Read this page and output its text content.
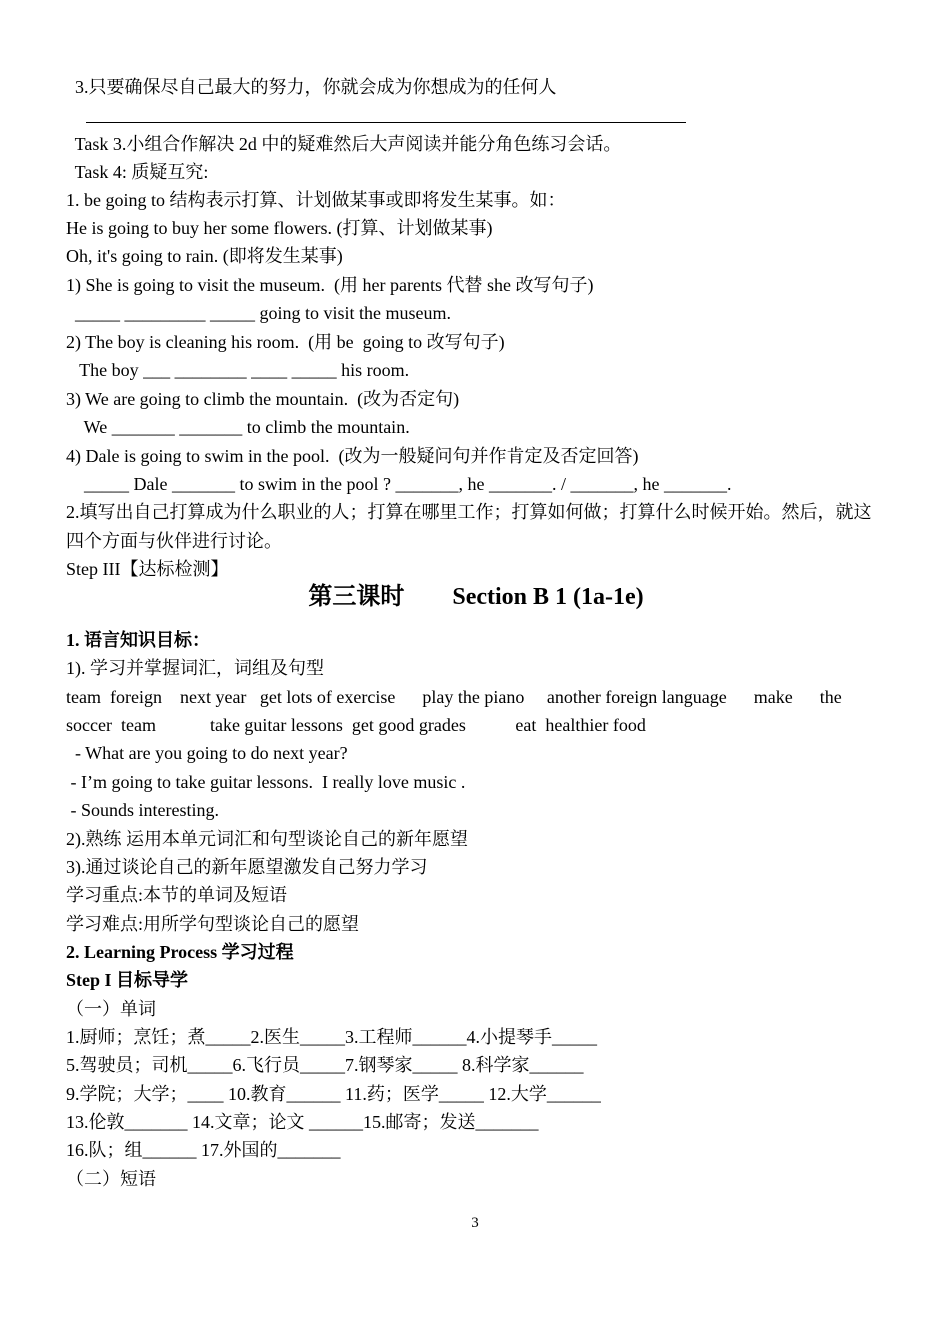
3.只要确保尽自己最大的努力，你就会成为你想成为的任何人
Task 3.小组合作解决 2d 中的疑难然后大声阅读并能分角色练习会话。
Task 4: 质疑互究:
1. be going to 结构表示打算、计划做某事或即将发生某事。如：
He is going to buy her some flowers. (打算、计划做某事)
Oh, it's going to rain. (即将发生某事)
1) She is going to visit the museum.  (用 her parents 代替 she 改写句子)
_____ _________ _____ going to visit the museum.
2) The boy is cleaning his room.  (用 be  going to 改写句子)
The boy ___ ________ ____ _____ his room.
3) We are going to climb the mountain.  (改为否定句)
We _______ _______ to climb the mountain.
4) Dale is going to swim in the pool.  (改为一般疑问句并作肯定及否定回答)
_____ Dale _______ to swim in the pool ? _______, he _______. / _______, he _______.
2.填写出自己打算成为什么职业的人；打算在哪里工作；打算如何做；打算什么时候开始。然后，就这
四个方面与伙伴进行讨论。
Step III【达标检测】
第三课时        Section B 1 (1a-1e)
1. 语言知识目标：
1). 学习并掌握词汇，词组及句型
team  foreign    next year   get lots of exercise      play the piano     another foreign language      make      the
soccer  team            take guitar lessons  get good grades           eat  healthier food
- What are you going to do next year?
- I’m going to take guitar lessons.  I really love music .
- Sounds interesting.
2).熟练 运用本单元词汇和句型谈论自己的新年愿望
3).通过谈论自己的新年愿望激发自己努力学习
学习重点:本节的单词及短语
学习难点:用所学句型谈论自己的愿望
2. Learning Process 学习过程
Step I 目标导学
（一）单词
1.厨师；烹饪；煮_____2.医生_____3.工程师______4.小提琴手_____
5.驾驶员；司机_____6.飞行员_____7.钢琴家_____ 8.科学家______
9.学院；大学；____ 10.教育______ 11.药；医学_____ 12.大学______
13.伦敦_______ 14.文章；论文 ______15.邮寄；发送_______
16.队；组______ 17.外国的_______
（二）短语
3
